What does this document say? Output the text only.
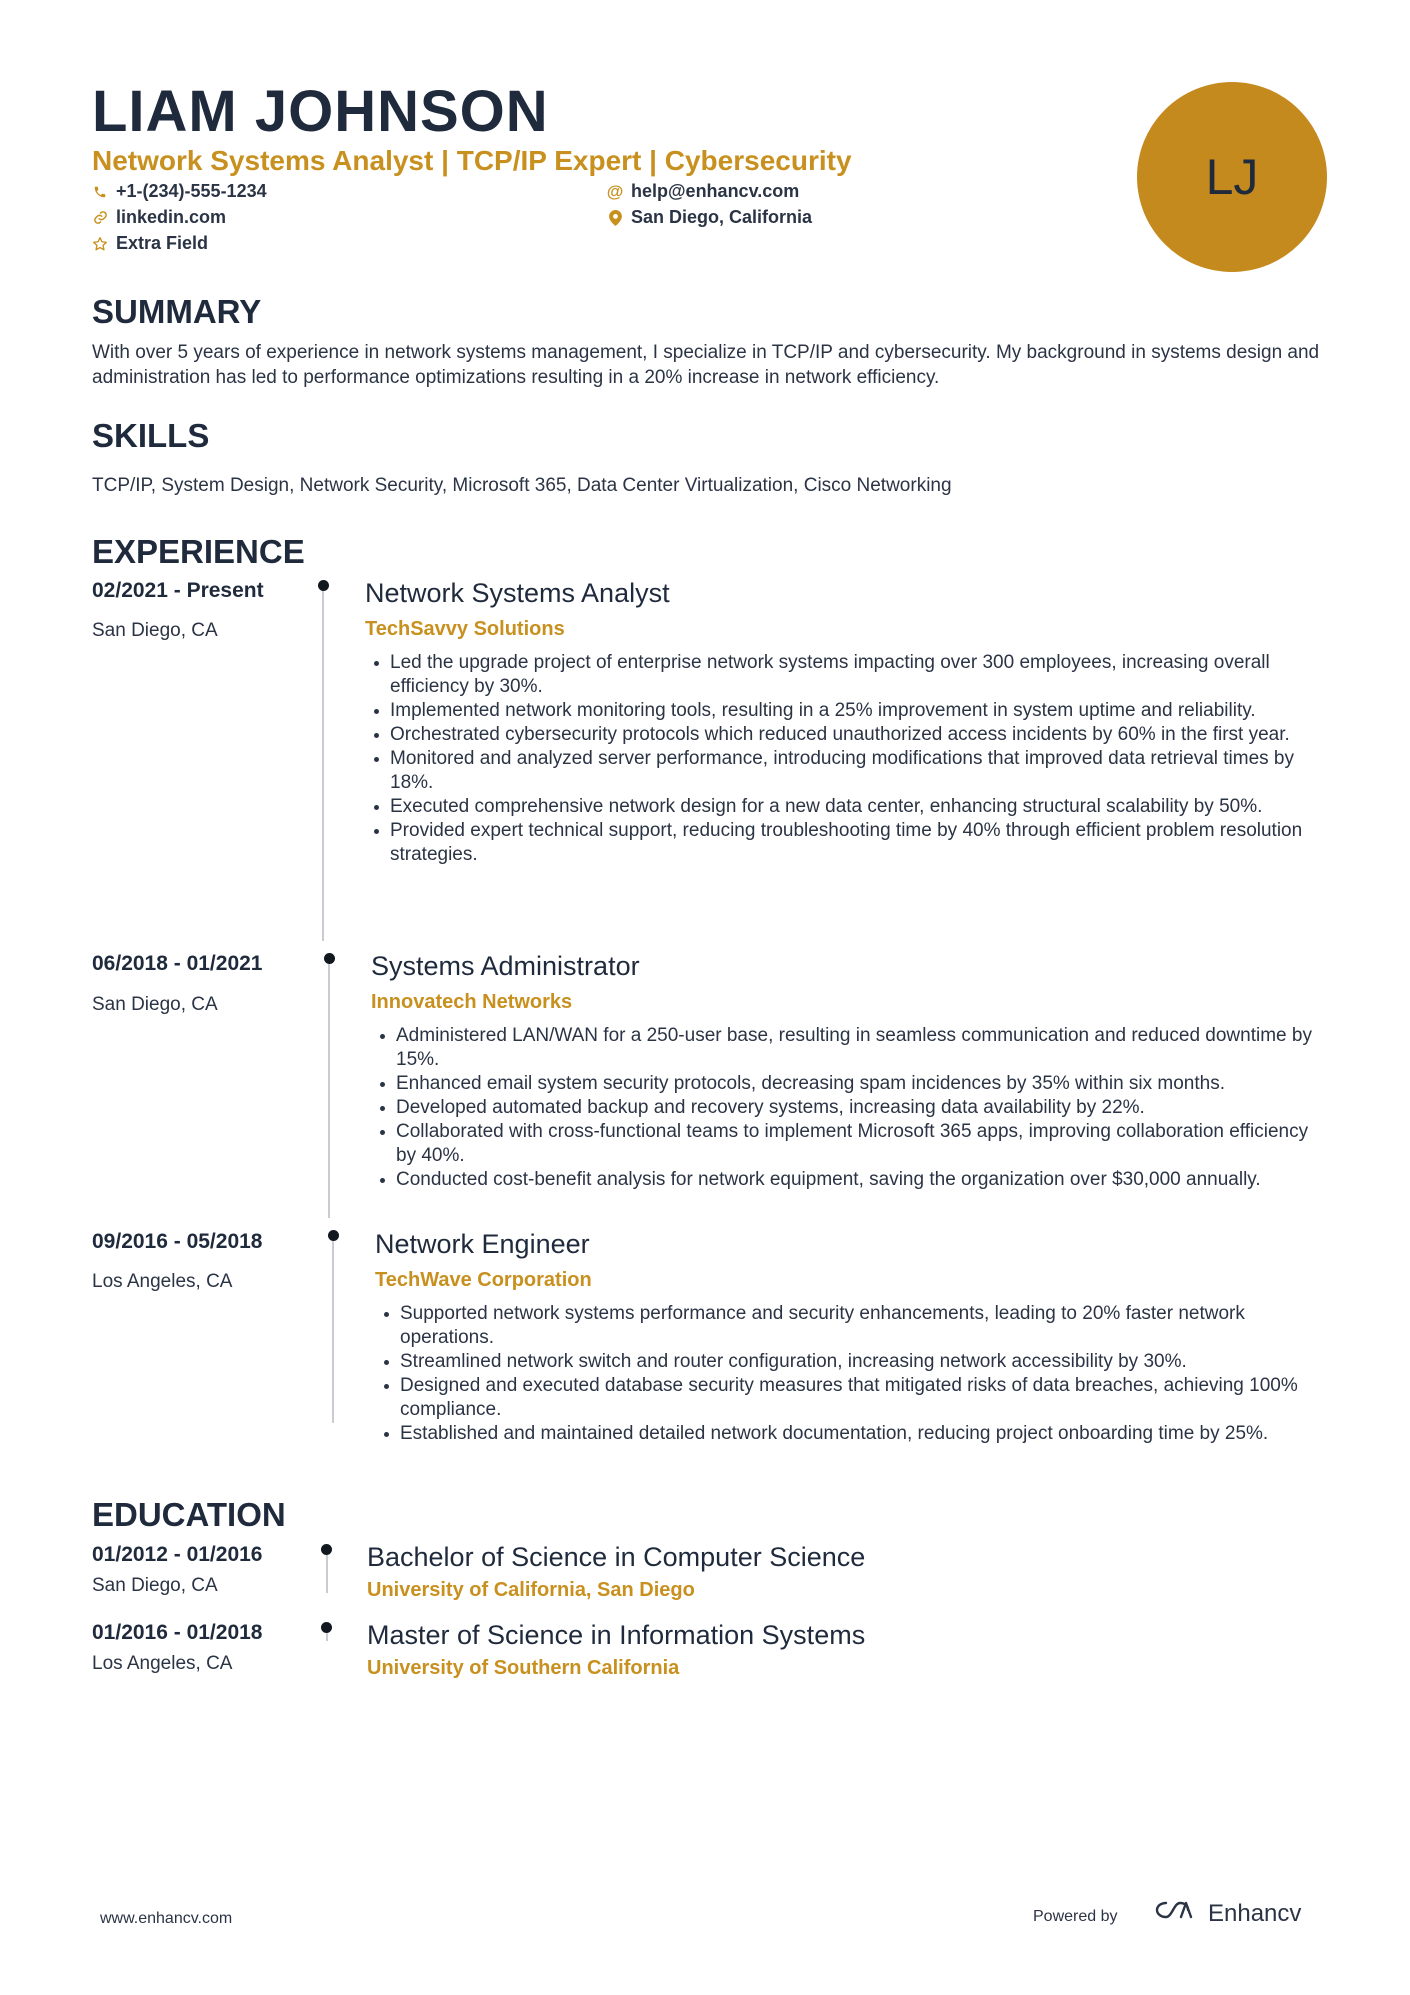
LIAM JOHNSON
Network Systems Analyst | TCP/IP Expert | Cybersecurity
+1-(234)-555-1234	@ help@enhancv.com
linkedin.com	San Diego, California
Extra Field
LJ
SUMMARY
With over 5 years of experience in network systems management, I specialize in TCP/IP and cybersecurity. My background in systems design and administration has led to performance optimizations resulting in a 20% increase in network efficiency.
SKILLS
TCP/IP, System Design, Network Security, Microsoft 365, Data Center Virtualization, Cisco Networking
EXPERIENCE
02/2021 - Present
San Diego, CA
Network Systems Analyst
TechSavvy Solutions
Led the upgrade project of enterprise network systems impacting over 300 employees, increasing overall efficiency by 30%.
Implemented network monitoring tools, resulting in a 25% improvement in system uptime and reliability.
Orchestrated cybersecurity protocols which reduced unauthorized access incidents by 60% in the first year.
Monitored and analyzed server performance, introducing modifications that improved data retrieval times by 18%.
Executed comprehensive network design for a new data center, enhancing structural scalability by 50%.
Provided expert technical support, reducing troubleshooting time by 40% through efficient problem resolution strategies.
06/2018 - 01/2021
San Diego, CA
Systems Administrator
Innovatech Networks
Administered LAN/WAN for a 250-user base, resulting in seamless communication and reduced downtime by 15%.
Enhanced email system security protocols, decreasing spam incidences by 35% within six months.
Developed automated backup and recovery systems, increasing data availability by 22%.
Collaborated with cross-functional teams to implement Microsoft 365 apps, improving collaboration efficiency by 40%.
Conducted cost-benefit analysis for network equipment, saving the organization over $30,000 annually.
09/2016 - 05/2018
Los Angeles, CA
Network Engineer
TechWave Corporation
Supported network systems performance and security enhancements, leading to 20% faster network operations.
Streamlined network switch and router configuration, increasing network accessibility by 30%.
Designed and executed database security measures that mitigated risks of data breaches, achieving 100% compliance.
Established and maintained detailed network documentation, reducing project onboarding time by 25%.
EDUCATION
01/2012 - 01/2016
San Diego, CA
Bachelor of Science in Computer Science
University of California, San Diego
01/2016 - 01/2018
Los Angeles, CA
Master of Science in Information Systems
University of Southern California
www.enhancv.com	Powered by	Enhancv
